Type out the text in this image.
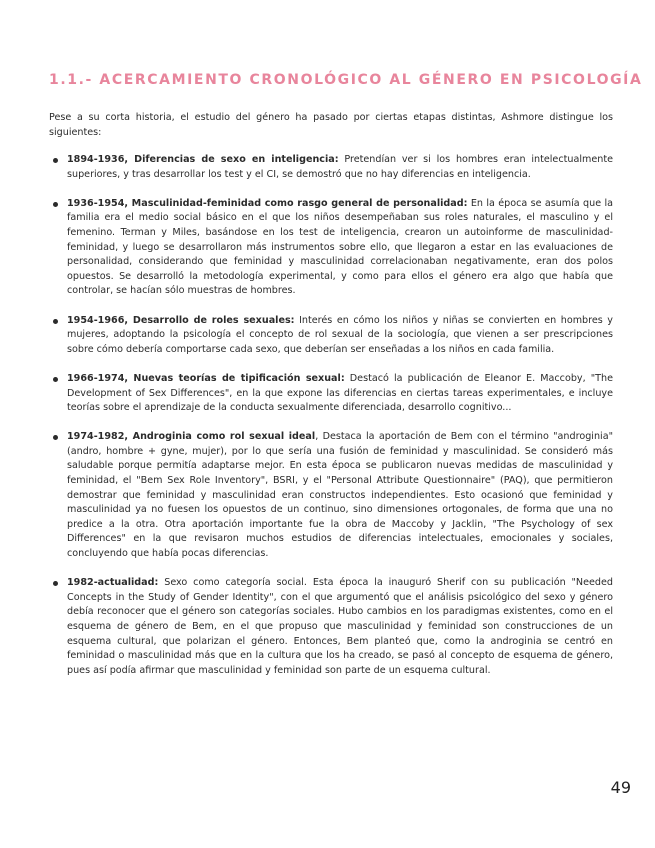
1.1.- ACERCAMIENTO CRONOLÓGICO AL GÉNERO EN PSICOLOGÍA

Pese a su corta historia, el estudio del género ha pasado por ciertas etapas distintas, Ashmore distingue los siguientes:

1894-1936, Diferencias de sexo en inteligencia: Pretendían ver si los hombres eran intelectualmente superiores, y tras desarrollar los test y el CI, se demostró que no hay diferencias en inteligencia.
1936-1954, Masculinidad-feminidad como rasgo general de personalidad: En la época se asumía que la familia era el medio social básico en el que los niños desempeñaban sus roles naturales, el masculino y el femenino. Terman y Miles, basándose en los test de inteligencia, crearon un autoinforme de masculinidad-feminidad, y luego se desarrollaron más instrumentos sobre ello, que llegaron a estar en las evaluaciones de personalidad, considerando que feminidad y masculinidad correlacionaban negativamente, eran dos polos opuestos. Se desarrolló la metodología experimental, y como para ellos el género era algo que había que controlar, se hacían sólo muestras de hombres.
1954-1966, Desarrollo de roles sexuales: Interés en cómo los niños y niñas se convierten en hombres y mujeres, adoptando la psicología el concepto de rol sexual de la sociología, que vienen a ser prescripciones sobre cómo debería comportarse cada sexo, que deberían ser enseñadas a los niños en cada familia.
1966-1974, Nuevas teorías de tipificación sexual: Destacó la publicación de Eleanor E. Maccoby, "The Development of Sex Differences", en la que expone las diferencias en ciertas tareas experimentales, e incluye teorías sobre el aprendizaje de la conducta sexualmente diferenciada, desarrollo cognitivo...
1974-1982, Androginia como rol sexual ideal, Destaca la aportación de Bem con el término "androginia" (andro, hombre + gyne, mujer), por lo que sería una fusión de feminidad y masculinidad. Se consideró más saludable porque permitía adaptarse mejor. En esta época se publicaron nuevas medidas de masculinidad y feminidad, el "Bem Sex Role Inventory", BSRI, y el "Personal Attribute Questionnaire" (PAQ), que permitieron demostrar que feminidad y masculinidad eran constructos independientes. Esto ocasionó que feminidad y masculinidad ya no fuesen los opuestos de un continuo, sino dimensiones ortogonales, de forma que una no predice a la otra. Otra aportación importante fue la obra de Maccoby y Jacklin, "The Psychology of sex Differences" en la que revisaron muchos estudios de diferencias intelectuales, emocionales y sociales, concluyendo que había pocas diferencias.
1982-actualidad: Sexo como categoría social. Esta época la inauguró Sherif con su publicación "Needed Concepts in the Study of Gender Identity", con el que argumentó que el análisis psicológico del sexo y género debía reconocer que el género son categorías sociales. Hubo cambios en los paradigmas existentes, como en el esquema de género de Bem, en el que propuso que masculinidad y feminidad son construcciones de un esquema cultural, que polarizan el género. Entonces, Bem planteó que, como la androginia se centró en feminidad o masculinidad más que en la cultura que los ha creado, se pasó al concepto de esquema de género, pues así podía afirmar que masculinidad y feminidad son parte de un esquema cultural.
49
